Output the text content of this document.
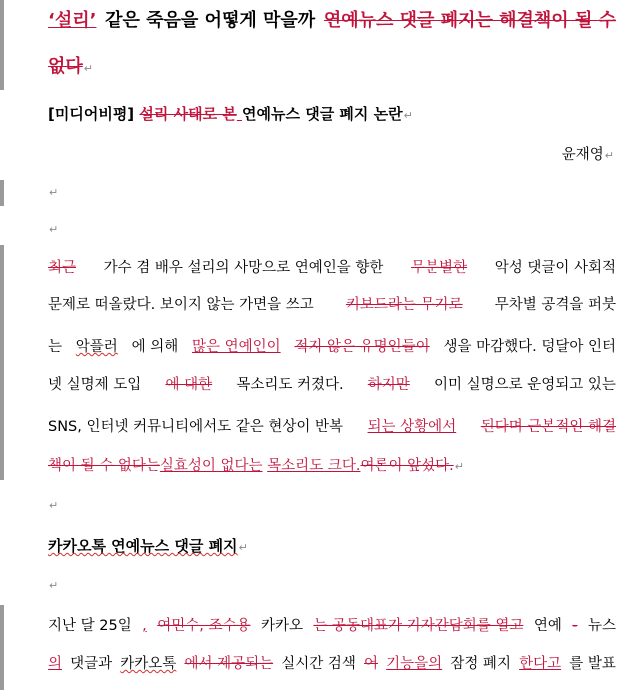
‘설리’ 같은 죽음을 어떻게 막을까 연예뉴스 댓글 폐지는 해결책이 될 수
없다↵
[미디어비평] 설리 사태로 본 연예뉴스 댓글 폐지 논란↵
윤재영↵
↵
↵
최근 가수 겸 배우 설리의 사망으로 연예인을 향한 무분별한 악성 댓글이 사회적
문제로 떠올랐다. 보이지 않는 가면을 쓰고 키보드라는 무기로 무차별 공격을 퍼붓
는 악플러 에 의해 많은 연예인이 적지 않은 유명인들이 생을 마감했다. 덩달아 인터
넷 실명제 도입 에 대한 목소리도 커졌다. 하지만 이미 실명으로 운영되고 있는
SNS, 인터넷 커뮤니티에서도 같은 현상이 반복 되는 상황에서 된다며 근본적인 해결
책이 될 수 없다는실효성이 없다는 목소리도 크다.여론이 앞섰다.↵
↵
카카오톡 연예뉴스 댓글 폐지↵
↵
지난 달 25일 , 여민수, 조수용 카카오 는 공동대표가 기자간담회를 열고 연예 - 뉴스
의 댓글과 카카오톡 에서 제공되는 실시간 검색 어 기능을의 잠정 폐지 한다고 를 발표
